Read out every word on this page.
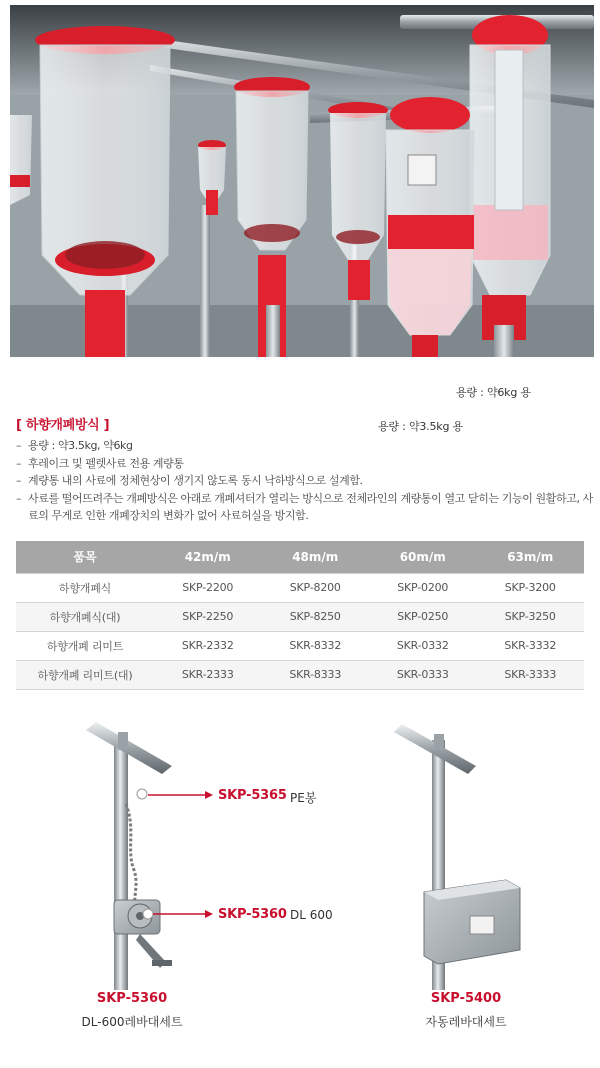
용량 : 약6kg 용
용량 : 약3.5kg 용
[ 하향개폐방식 ]
– 용량 : 약3.5kg, 약6kg
– 후레이크 및 펠렛사료 전용 계량통
– 계량통 내의 사료에 정체현상이 생기지 않도록 동시 낙하방식으로 설계함.
– 사료를 떨어뜨려주는 개폐방식은 아래로 개폐셔터가 열리는 방식으로 전체라인의 계량통이 열고 닫히는 기능이 원활하고, 사료의 무게로 인한 개폐장치의 변화가 없어 사료허실을 방지함.
품목	42m/m	48m/m	60m/m	63m/m
하향개폐식	SKP-2200	SKP-8200	SKP-0200	SKP-3200
하향개폐식(대)	SKP-2250	SKP-8250	SKP-0250	SKP-3250
하향개폐 리미트	SKR-2332	SKR-8332	SKR-0332	SKR-3332
하향개폐 리미트(대)	SKR-2333	SKR-8333	SKR-0333	SKR-3333
SKP-5365 PE봉
SKP-5360 DL 600
SKP-5360
DL-600레바대세트
SKP-5400
자동레바대세트
